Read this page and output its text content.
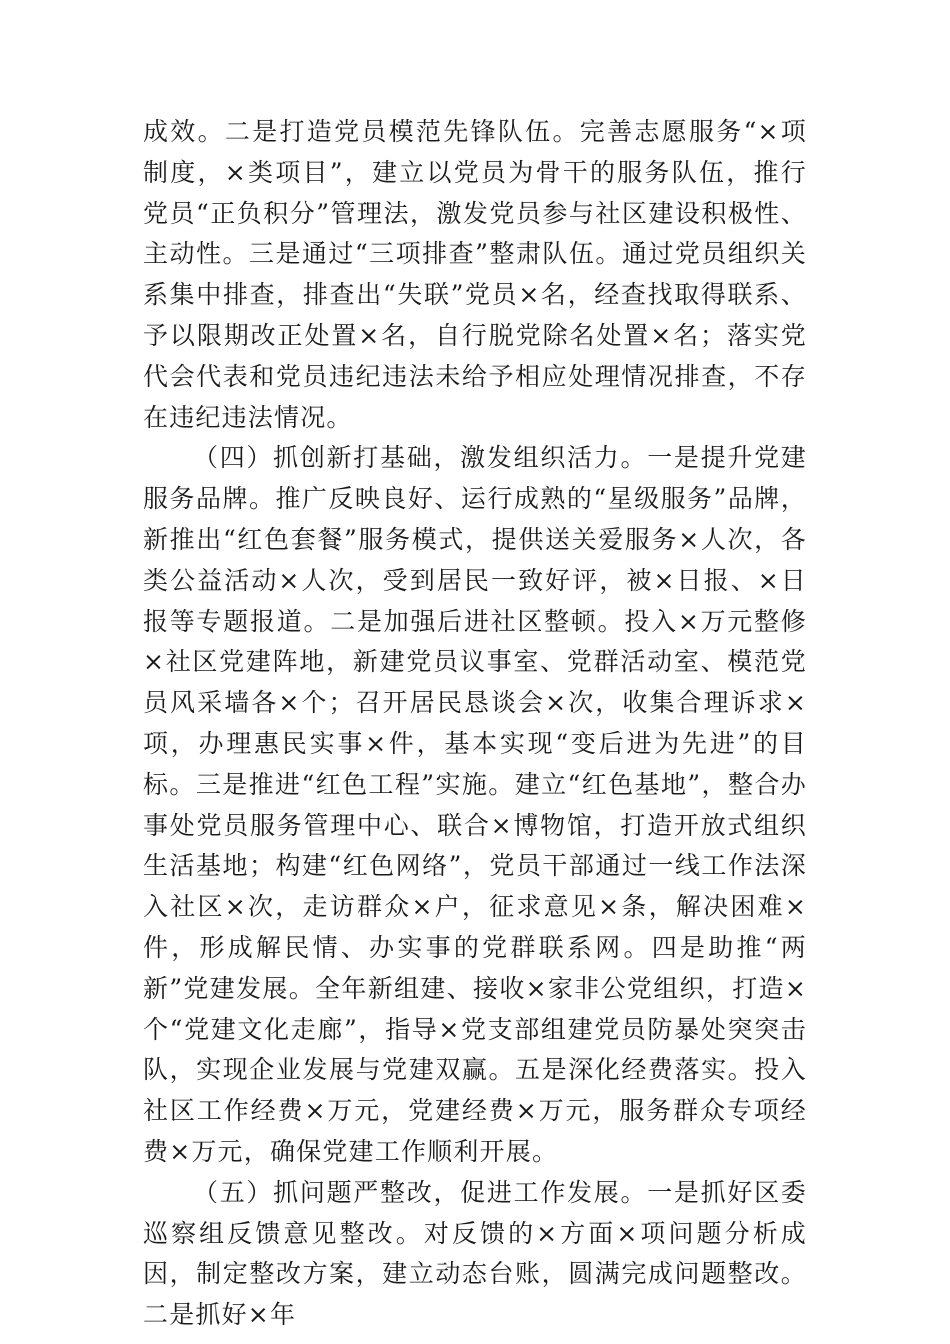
成效。二是打造党员模范先锋队伍。完善志愿服务“×项制度，×类项目”，建立以党员为骨干的服务队伍，推行党员“正负积分”管理法，激发党员参与社区建设积极性、主动性。三是通过“三项排查”整肃队伍。通过党员组织关系集中排查，排查出“失联”党员×名，经查找取得联系、予以限期改正处置×名，自行脱党除名处置×名；落实党代会代表和党员违纪违法未给予相应处理情况排查，不存在违纪违法情况。

（四）抓创新打基础，激发组织活力。一是提升党建服务品牌。推广反映良好、运行成熟的“星级服务”品牌，新推出“红色套餐”服务模式，提供送关爱服务×人次，各类公益活动×人次，受到居民一致好评，被×日报、×日报等专题报道。二是加强后进社区整顿。投入×万元整修×社区党建阵地，新建党员议事室、党群活动室、模范党员风采墙各×个；召开居民恳谈会×次，收集合理诉求×项，办理惠民实事×件，基本实现“变后进为先进”的目标。三是推进“红色工程”实施。建立“红色基地”，整合办事处党员服务管理中心、联合×博物馆，打造开放式组织生活基地；构建“红色网络”，党员干部通过一线工作法深入社区×次，走访群众×户，征求意见×条，解决困难×件，形成解民情、办实事的党群联系网。四是助推“两新”党建发展。全年新组建、接收×家非公党组织，打造×个“党建文化走廊”，指导×党支部组建党员防暴处突突击队，实现企业发展与党建双赢。五是深化经费落实。投入社区工作经费×万元，党建经费×万元，服务群众专项经费×万元，确保党建工作顺利开展。

（五）抓问题严整改，促进工作发展。一是抓好区委巡察组反馈意见整改。对反馈的×方面×项问题分析成因，制定整改方案，建立动态台账，圆满完成问题整改。二是抓好×年
